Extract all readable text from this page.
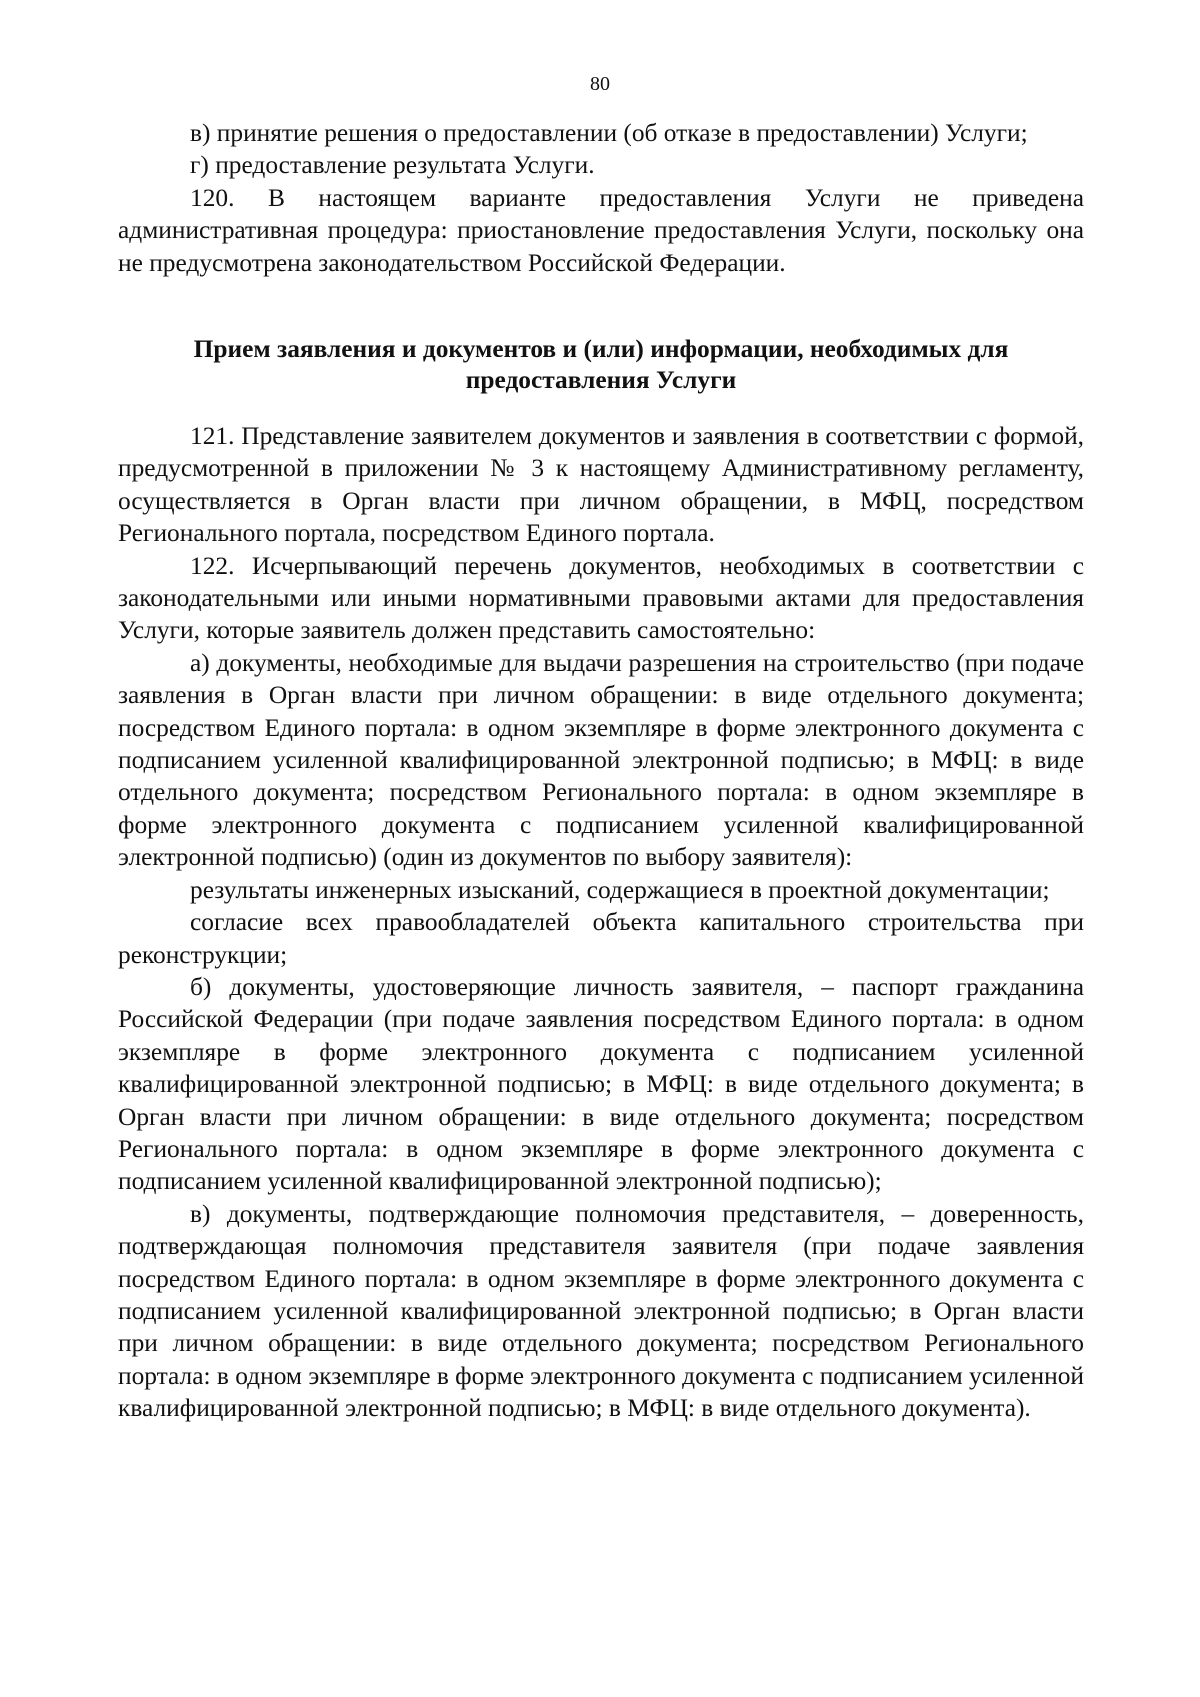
80

в) принятие решения о предоставлении (об отказе в предоставлении) Услуги;

г) предоставление результата Услуги.

120. В настоящем варианте предоставления Услуги не приведена административная процедура: приостановление предоставления Услуги, поскольку она не предусмотрена законодательством Российской Федерации.

Прием заявления и документов и (или) информации, необходимых для
предоставления Услуги

121. Представление заявителем документов и заявления в соответствии с формой, предусмотренной в приложении № 3 к настоящему Административному регламенту, осуществляется в Орган власти при личном обращении, в МФЦ, посредством Регионального портала, посредством Единого портала.

122. Исчерпывающий перечень документов, необходимых в соответствии с законодательными или иными нормативными правовыми актами для предоставления Услуги, которые заявитель должен представить самостоятельно:

а) документы, необходимые для выдачи разрешения на строительство (при подаче заявления в Орган власти при личном обращении: в виде отдельного документа; посредством Единого портала: в одном экземпляре в форме электронного документа с подписанием усиленной квалифицированной электронной подписью; в МФЦ: в виде отдельного документа; посредством Регионального портала: в одном экземпляре в форме электронного документа с подписанием усиленной квалифицированной электронной подписью) (один из документов по выбору заявителя):

результаты инженерных изысканий, содержащиеся в проектной документации;

согласие всех правообладателей объекта капитального строительства при реконструкции;

б) документы, удостоверяющие личность заявителя, – паспорт гражданина Российской Федерации (при подаче заявления посредством Единого портала: в одном экземпляре в форме электронного документа с подписанием усиленной квалифицированной электронной подписью; в МФЦ: в виде отдельного документа; в Орган власти при личном обращении: в виде отдельного документа; посредством Регионального портала: в одном экземпляре в форме электронного документа с подписанием усиленной квалифицированной электронной подписью);

в) документы, подтверждающие полномочия представителя, – доверенность, подтверждающая полномочия представителя заявителя (при подаче заявления посредством Единого портала: в одном экземпляре в форме электронного документа с подписанием усиленной квалифицированной электронной подписью; в Орган власти при личном обращении: в виде отдельного документа; посредством Регионального портала: в одном экземпляре в форме электронного документа с подписанием усиленной квалифицированной электронной подписью; в МФЦ: в виде отдельного документа).
